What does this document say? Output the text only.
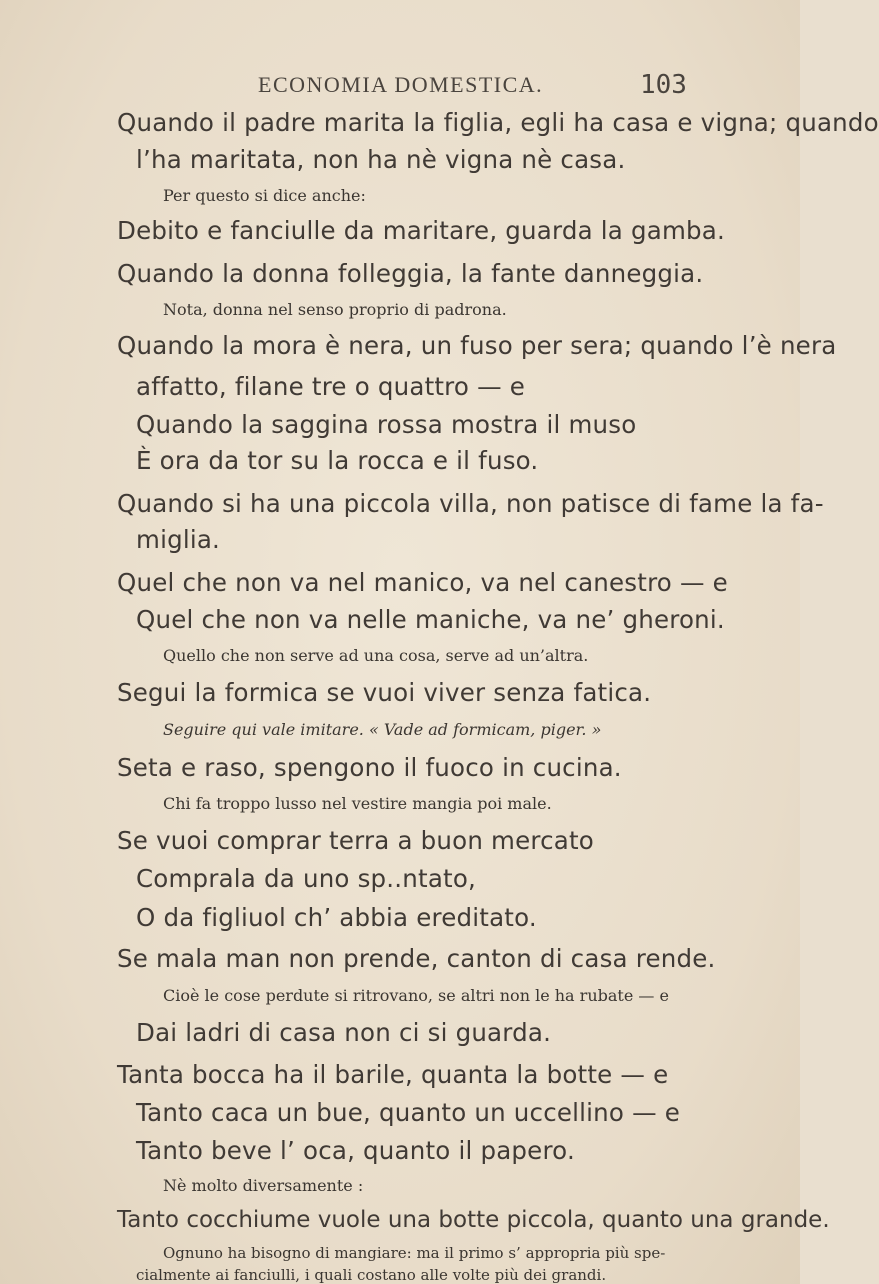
ECONOMIA DOMESTICA.	103
Quando il padre marita la figlia, egli ha casa e vigna; quando
l’ha maritata, non ha nè vigna nè casa.
Per questo si dice anche:
Debito e fanciulle da maritare, guarda la gamba.
Quando la donna folleggia, la fante danneggia.
Nota, donna nel senso proprio di padrona.
Quando la mora è nera, un fuso per sera; quando l’è nera
affatto, filane tre o quattro — e
Quando la saggina rossa mostra il muso
È ora da tor su la rocca e il fuso.
Quando si ha una piccola villa, non patisce di fame la fa-
miglia.
Quel che non va nel manico, va nel canestro — e
Quel che non va nelle maniche, va ne’ gheroni.
Quello che non serve ad una cosa, serve ad un’altra.
Segui la formica se vuoi viver senza fatica.
Seguire qui vale imitare. « Vade ad formicam, piger. »
Seta e raso, spengono il fuoco in cucina.
Chi fa troppo lusso nel vestire mangia poi male.
Se vuoi comprar terra a buon mercato
Comprala da uno sp..ntato,
O da figliuol ch’ abbia ereditato.
Se mala man non prende, canton di casa rende.
Cioè le cose perdute si ritrovano, se altri non le ha rubate — e
Dai ladri di casa non ci si guarda.
Tanta bocca ha il barile, quanta la botte — e
Tanto caca un bue, quanto un uccellino — e
Tanto beve l’ oca, quanto il papero.
Nè molto diversamente :
Tanto cocchiume vuole una botte piccola, quanto una grande.
Ognuno ha bisogno di mangiare: ma il primo s’ appropria più spe-
cialmente ai fanciulli, i quali costano alle volte più dei grandi.
